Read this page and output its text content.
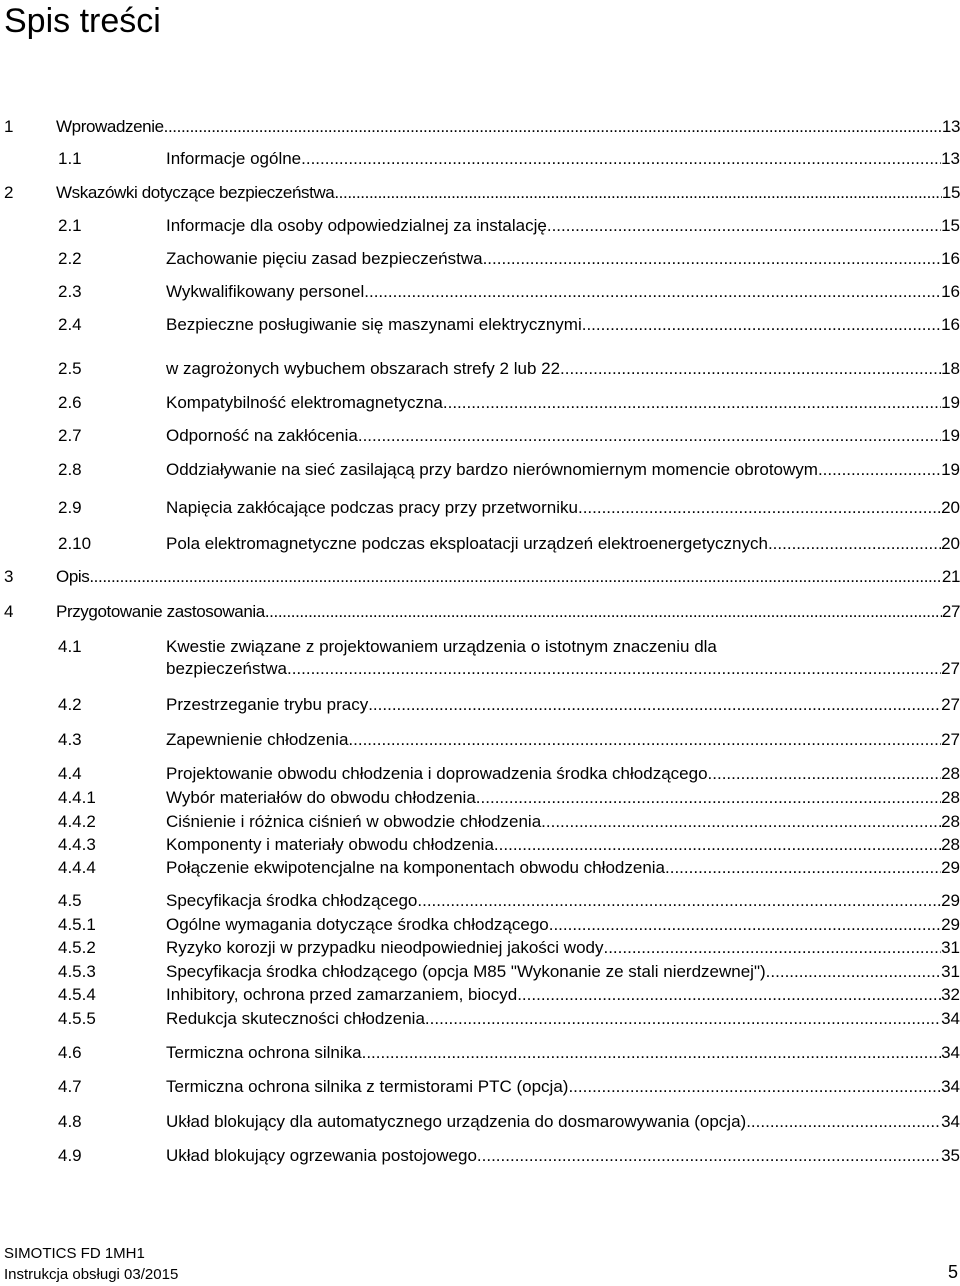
Spis treści
1	Wprowadzenie .....	13
1.1	Informacje ogólne .....	13
2	Wskazówki dotyczące bezpieczeństwa .....	15
2.1	Informacje dla osoby odpowiedzialnej za instalację .....	15
2.2	Zachowanie pięciu zasad bezpieczeństwa .....	16
2.3	Wykwalifikowany personel .....	16
2.4	Bezpieczne posługiwanie się maszynami elektrycznymi .....	16
2.5	w zagrożonych wybuchem obszarach strefy 2 lub 22 .....	18
2.6	Kompatybilność elektromagnetyczna .....	19
2.7	Odporność na zakłócenia .....	19
2.8	Oddziaływanie na sieć zasilającą przy bardzo nierównomiernym momencie obrotowym .....	19
2.9	Napięcia zakłócające podczas pracy przy przetworniku .....	20
2.10	Pola elektromagnetyczne podczas eksploatacji urządzeń elektroenergetycznych .....	20
3	Opis .....	21
4	Przygotowanie zastosowania .....	27
4.1	Kwestie związane z projektowaniem urządzenia o istotnym znaczeniu dla
bezpieczeństwa .....	27
4.2	Przestrzeganie trybu pracy .....	27
4.3	Zapewnienie chłodzenia .....	27
4.4	Projektowanie obwodu chłodzenia i doprowadzenia środka chłodzącego .....	28
4.4.1	Wybór materiałów do obwodu chłodzenia .....	28
4.4.2	Ciśnienie i różnica ciśnień w obwodzie chłodzenia .....	28
4.4.3	Komponenty i materiały obwodu chłodzenia .....	28
4.4.4	Połączenie ekwipotencjalne na komponentach obwodu chłodzenia .....	29
4.5	Specyfikacja środka chłodzącego .....	29
4.5.1	Ogólne wymagania dotyczące środka chłodzącego .....	29
4.5.2	Ryzyko korozji w przypadku nieodpowiedniej jakości wody .....	31
4.5.3	Specyfikacja środka chłodzącego (opcja M85 "Wykonanie ze stali nierdzewnej") .....	31
4.5.4	Inhibitory, ochrona przed zamarzaniem, biocyd .....	32
4.5.5	Redukcja skuteczności chłodzenia .....	34
4.6	Termiczna ochrona silnika .....	34
4.7	Termiczna ochrona silnika z termistorami PTC (opcja) .....	34
4.8	Układ blokujący dla automatycznego urządzenia do dosmarowywania (opcja) .....	34
4.9	Układ blokujący ogrzewania postojowego .....	35
SIMOTICS FD 1MH1
Instrukcja obsługi 03/2015	5
